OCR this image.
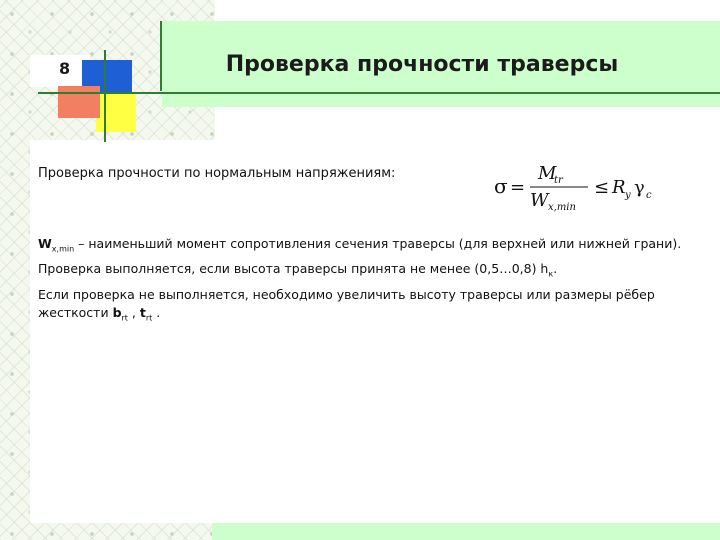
8	Проверка прочности траверсы
Проверка прочности по нормальным напряжениям:
σ =
M
tr
W x,min
≤ R y γ c
$W_{x,min}$ – наименьший момент сопротивления сечения траверсы (для верхней или нижней грани).
Проверка выполняется, если высота траверсы принята не менее (0,5…0,8) $h_к$.
Если проверка не выполняется, необходимо увеличить высоту траверсы или размеры рёбер жесткости $b_{rt}$ , $t_{rt}$ .
